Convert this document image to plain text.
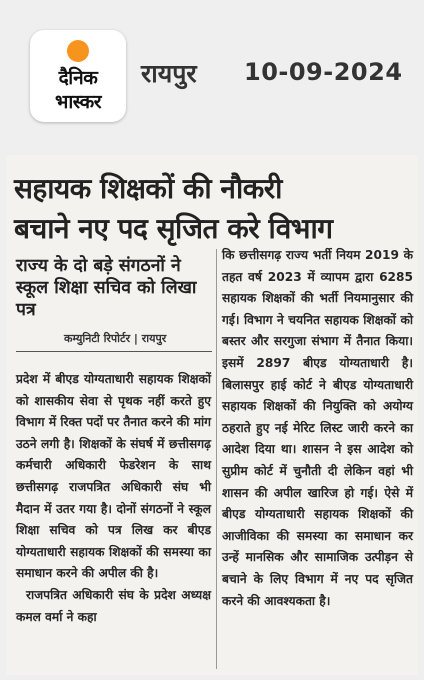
दैनिक
भास्कर
रायपुर 10-09-2024
सहायक शिक्षकों की नौकरी
बचाने नए पद सृजित करे विभाग
राज्य के दो बड़े संगठनों ने स्कूल शिक्षा सचिव को लिखा पत्र
कम्युनिटी रिपोर्टर | रायपुर

प्रदेश में बीएड योग्यताधारी सहायक शिक्षकों को शासकीय सेवा से पृथक नहीं करते हुए विभाग में रिक्त पदों पर तैनात करने की मांग उठने लगी है। शिक्षकों के संघर्ष में छत्तीसगढ़ कर्मचारी अधिकारी फेडरेशन के साथ छत्तीसगढ़ राजपत्रित अधिकारी संघ भी मैदान में उतर गया है। दोनों संगठनों ने स्कूल शिक्षा सचिव को पत्र लिख कर बीएड योग्यताधारी सहायक शिक्षकों की समस्या का समाधान करने की अपील की है।

राजपत्रित अधिकारी संघ के प्रदेश अध्यक्ष कमल वर्मा ने कहा

कि छत्तीसगढ़ राज्य भर्ती नियम 2019 के तहत वर्ष 2023 में व्यापम द्वारा 6285 सहायक शिक्षकों की भर्ती नियमानुसार की गई। विभाग ने चयनित सहायक शिक्षकों को बस्तर और सरगुजा संभाग में तैनात किया। इसमें 2897 बीएड योग्यताधारी है। बिलासपुर हाई कोर्ट ने बीएड योग्यताधारी सहायक शिक्षकों की नियुक्ति को अयोग्य ठहराते हुए नई मेरिट लिस्ट जारी करने का आदेश दिया था। शासन ने इस आदेश को सुप्रीम कोर्ट में चुनौती दी लेकिन वहां भी शासन की अपील खारिज हो गई। ऐसे में बीएड योग्यताधारी सहायक शिक्षकों की आजीविका की समस्या का समाधान कर उन्हें मानसिक और सामाजिक उत्पीड़न से बचाने के लिए विभाग में नए पद सृजित करने की आवश्यकता है।
